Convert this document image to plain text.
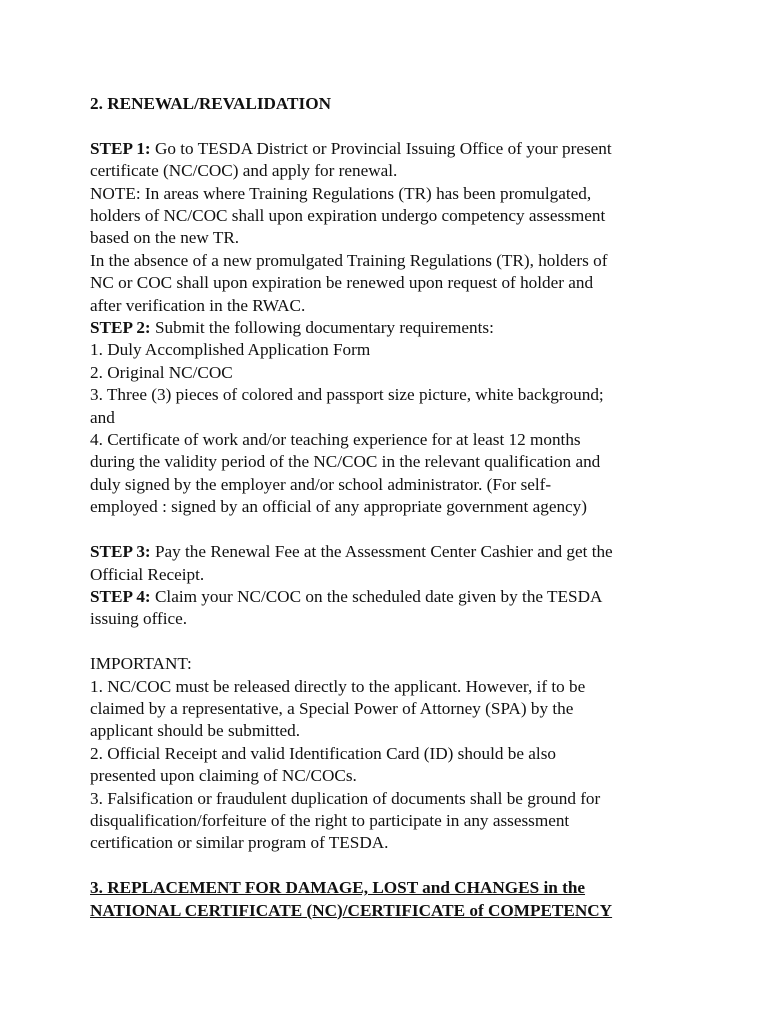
2. RENEWAL/REVALIDATION
STEP 1: Go to TESDA District or Provincial Issuing Office of your present
certificate (NC/COC) and apply for renewal.
NOTE: In areas where Training Regulations (TR) has been promulgated,
holders of NC/COC shall upon expiration undergo competency assessment
based on the new TR.
In the absence of a new promulgated Training Regulations (TR), holders of
NC or COC shall upon expiration be renewed upon request of holder and
after verification in the RWAC.
STEP 2: Submit the following documentary requirements:
1. Duly Accomplished Application Form
2. Original NC/COC
3. Three (3) pieces of colored and passport size picture, white background;
and
4. Certificate of work and/or teaching experience for at least 12 months
during the validity period of the NC/COC in the relevant qualification and
duly signed by the employer and/or school administrator. (For self-
employed : signed by an official of any appropriate government agency)
STEP 3: Pay the Renewal Fee at the Assessment Center Cashier and get the
Official Receipt.
STEP 4: Claim your NC/COC on the scheduled date given by the TESDA
issuing office.
IMPORTANT:
1. NC/COC must be released directly to the applicant. However, if to be
claimed by a representative, a Special Power of Attorney (SPA) by the
applicant should be submitted.
2. Official Receipt and valid Identification Card (ID) should be also
presented upon claiming of NC/COCs.
3. Falsification or fraudulent duplication of documents shall be ground for
disqualification/forfeiture of the right to participate in any assessment
certification or similar program of TESDA.
3. REPLACEMENT FOR DAMAGE, LOST and CHANGES in the
NATIONAL CERTIFICATE (NC)/CERTIFICATE of COMPETENCY
